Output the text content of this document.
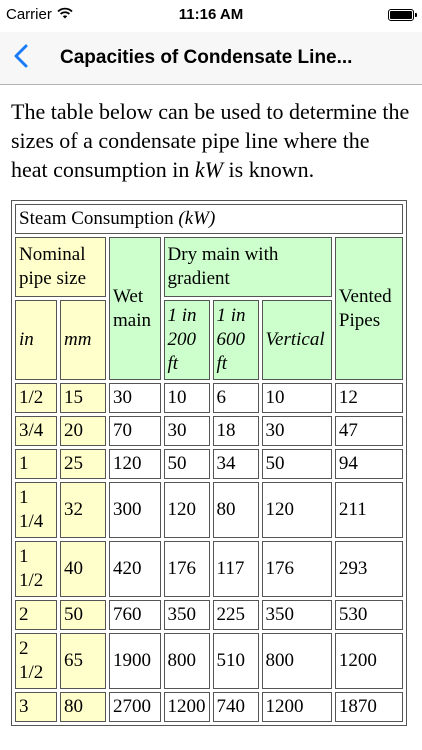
Carrier	11:16 AM
Capacities of Condensate Line...

The table below can be used to determine the sizes of a condensate pipe line where the heat consumption in kW is known.

Steam Consumption (kW)						
Nominal pipe size		Wet main	Dry main with gradient			Vented Pipes
in	mm		1 in 200 ft	1 in 600 ft	Vertical	
1/2	15	30	10	6	10	12
3/4	20	70	30	18	30	47
1	25	120	50	34	50	94
1 1/4	32	300	120	80	120	211
1 1/2	40	420	176	117	176	293
2	50	760	350	225	350	530
2 1/2	65	1900	800	510	800	1200
3	80	2700	1200	740	1200	1870
